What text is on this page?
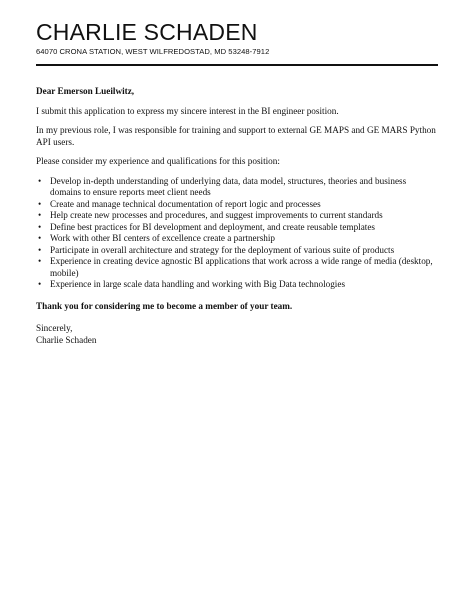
CHARLIE SCHADEN
64070 CRONA STATION, WEST WILFREDOSTAD, MD 53248-7912

Dear Emerson Lueilwitz,

I submit this application to express my sincere interest in the BI engineer position.

In my previous role, I was responsible for training and support to external GE MAPS and GE MARS Python API users.

Please consider my experience and qualifications for this position:

• Develop in-depth understanding of underlying data, data model, structures, theories and business domains to ensure reports meet client needs
• Create and manage technical documentation of report logic and processes
• Help create new processes and procedures, and suggest improvements to current standards
• Define best practices for BI development and deployment, and create reusable templates
• Work with other BI centers of excellence create a partnership
• Participate in overall architecture and strategy for the deployment of various suite of products
• Experience in creating device agnostic BI applications that work across a wide range of media (desktop, mobile)
• Experience in large scale data handling and working with Big Data technologies

Thank you for considering me to become a member of your team.

Sincerely,

Charlie Schaden
